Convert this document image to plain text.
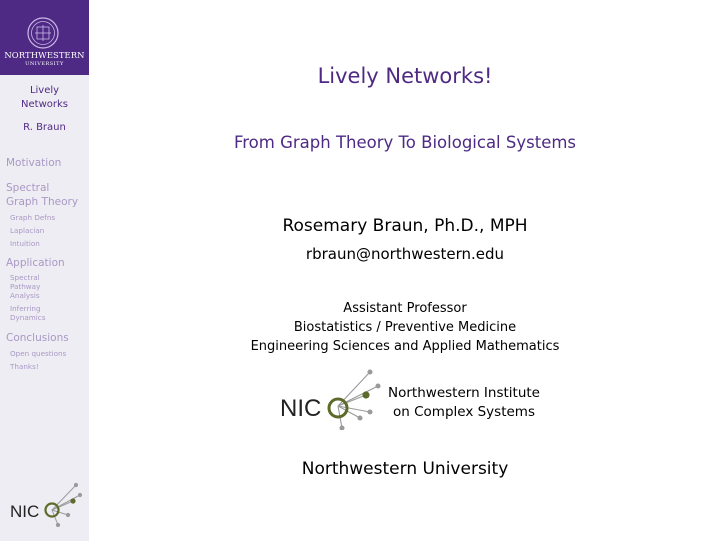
NORTHWESTERN
UNIVERSITY
Lively
Networks
R. Braun
Motivation
Spectral
Graph Theory
Graph Defns
Laplacian
Intuition
Application
Spectral
Pathway
Analysis
Inferring
Dynamics
Conclusions
Open questions
Thanks!
NIC
Lively Networks!
From Graph Theory To Biological Systems
Rosemary Braun, Ph.D., MPH
rbraun@northwestern.edu
Assistant Professor
Biostatistics / Preventive Medicine
Engineering Sciences and Applied Mathematics
NIC
Northwestern Institute
on Complex Systems
Northwestern University
